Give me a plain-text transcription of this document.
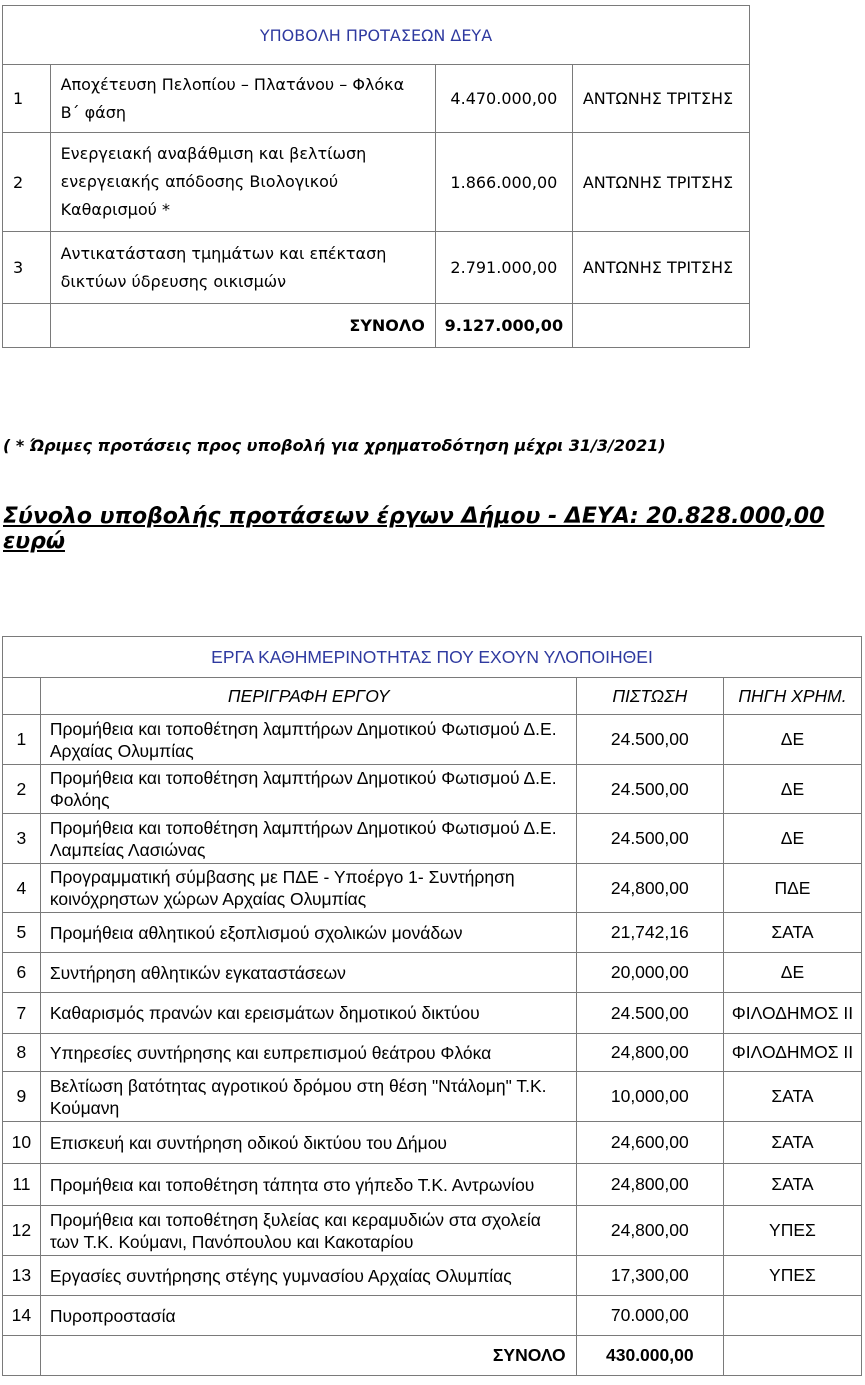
ΥΠΟΒΟΛΗ ΠΡΟΤΑΣΕΩΝ ΔΕΥΑ			
1	Αποχέτευση Πελοπίου – Πλατάνου – Φλόκα Β΄ φάση	4.470.000,00	ΑΝΤΩΝΗΣ ΤΡΙΤΣΗΣ
2	Ενεργειακή αναβάθμιση και βελτίωση ενεργειακής απόδοσης Βιολογικού Καθαρισμού *	1.866.000,00	ΑΝΤΩΝΗΣ ΤΡΙΤΣΗΣ
3	Αντικατάσταση τμημάτων και επέκταση δικτύων ύδρευσης οικισμών	2.791.000,00	ΑΝΤΩΝΗΣ ΤΡΙΤΣΗΣ
	ΣΥΝΟΛΟ	9.127.000,00	
( * Ώριμες προτάσεις προς υποβολή για χρηματοδότηση μέχρι 31/3/2021)
Σύνολο υποβολής προτάσεων έργων Δήμου - ΔΕΥΑ: 20.828.000,00 ευρώ
ΕΡΓΑ ΚΑΘΗΜΕΡΙΝΟΤΗΤΑΣ ΠΟΥ ΕΧΟΥΝ ΥΛΟΠΟΙΗΘΕΙ			
	ΠΕΡΙΓΡΑΦΗ ΕΡΓΟΥ	ΠΙΣΤΩΣΗ	ΠΗΓΗ ΧΡΗΜ.
1	Προμήθεια και τοποθέτηση λαμπτήρων Δημοτικού Φωτισμού Δ.Ε. Αρχαίας Ολυμπίας	24.500,00	ΔΕ
2	Προμήθεια και τοποθέτηση λαμπτήρων Δημοτικού Φωτισμού Δ.Ε. Φολόης	24.500,00	ΔΕ
3	Προμήθεια και τοποθέτηση λαμπτήρων Δημοτικού Φωτισμού Δ.Ε. Λαμπείας Λασιώνας	24.500,00	ΔΕ
4	Προγραμματική σύμβασης με ΠΔΕ - Υποέργο 1- Συντήρηση κοινόχρηστων χώρων Αρχαίας Ολυμπίας	24,800,00	ΠΔΕ
5	Προμήθεια αθλητικού εξοπλισμού σχολικών μονάδων	21,742,16	ΣΑΤΑ
6	Συντήρηση αθλητικών εγκαταστάσεων	20,000,00	ΔΕ
7	Καθαρισμός πρανών και ερεισμάτων δημοτικού δικτύου	24.500,00	ΦΙΛΟΔΗΜΟΣ ΙΙ
8	Υπηρεσίες συντήρησης και ευπρεπισμού θεάτρου Φλόκα	24,800,00	ΦΙΛΟΔΗΜΟΣ ΙΙ
9	Βελτίωση βατότητας αγροτικού δρόμου στη θέση "Ντάλομη" Τ.Κ. Κούμανη	10,000,00	ΣΑΤΑ
10	Επισκευή και συντήρηση οδικού δικτύου του Δήμου	24,600,00	ΣΑΤΑ
11	Προμήθεια και τοποθέτηση τάπητα στο γήπεδο Τ.Κ. Αντρωνίου	24,800,00	ΣΑΤΑ
12	Προμήθεια και τοποθέτηση ξυλείας και κεραμυδιών στα σχολεία των Τ.Κ. Κούμανι, Πανόπουλου και Κακοταρίου	24,800,00	ΥΠΕΣ
13	Εργασίες συντήρησης στέγης γυμνασίου Αρχαίας Ολυμπίας	17,300,00	ΥΠΕΣ
14	Πυροπροστασία	70.000,00	
	ΣΥΝΟΛΟ	430.000,00	
